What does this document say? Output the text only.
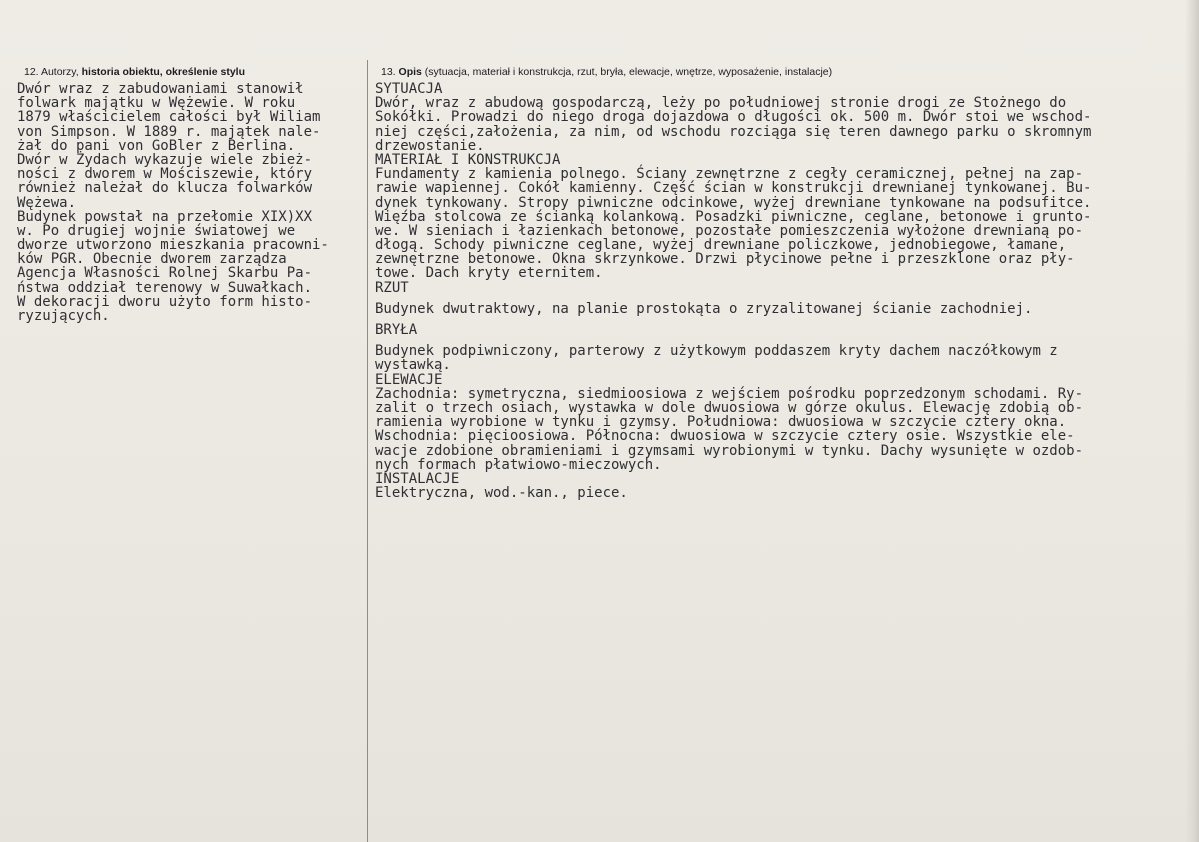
12. Autorzy, historia obiektu, określenie stylu	13. Opis (sytuacja, materiał i konstrukcja, rzut, bryła, elewacje, wnętrze, wyposażenie, instalacje)
Dwór wraz z zabudowaniami stanowił
folwark majątku w Wężewie. W roku
1879 właścicielem całości był Wiliam
von Simpson. W 1889 r. majątek nale-
żał do pani von GoBler z Berlina.
Dwór w Żydach wykazuje wiele zbież-
ności z dworem w Mościszewie, który
również należał do klucza folwarków
Wężewa.
Budynek powstał na przełomie XIX)XX
w. Po drugiej wojnie światowej we
dworze utworzono mieszkania pracowni-
ków PGR. Obecnie dworem zarządza
Agencja Własności Rolnej Skarbu Pa-
ństwa oddział terenowy w Suwałkach.
W dekoracji dworu użyto form histo-
ryzujących.
SYTUACJA
Dwór, wraz z abudową gospodarczą, leży po południowej stronie drogi ze Stożnego do
Sokółki. Prowadzi do niego droga dojazdowa o długości ok. 500 m. Dwór stoi we wschod-
niej części,założenia, za nim, od wschodu rozciąga się teren dawnego parku o skromnym
drzewostanie.
MATERIAŁ I KONSTRUKCJA
Fundamenty z kamienia polnego. Ściany zewnętrzne z cegły ceramicznej, pełnej na zap-
rawie wapiennej. Cokół kamienny. Część ścian w konstrukcji drewnianej tynkowanej. Bu-
dynek tynkowany. Stropy piwniczne odcinkowe, wyżej drewniane tynkowane na podsufitce.
Więźba stolcowa ze ścianką kolankową. Posadzki piwniczne, ceglane, betonowe i grunto-
we. W sieniach i łazienkach betonowe, pozostałe pomieszczenia wyłożone drewnianą po-
dłogą. Schody piwniczne ceglane, wyżej drewniane policzkowe, jednobiegowe, łamane,
zewnętrzne betonowe. Okna skrzynkowe. Drzwi płycinowe pełne i przeszklone oraz pły-
towe. Dach kryty eternitem.
RZUT
Budynek dwutraktowy, na planie prostokąta o zryzalitowanej ścianie zachodniej.
BRYŁA
Budynek podpiwniczony, parterowy z użytkowym poddaszem kryty dachem naczółkowym z
wystawką.
ELEWACJE
Zachodnia: symetryczna, siedmioosiowa z wejściem pośrodku poprzedzonym schodami. Ry-
zalit o trzech osiach, wystawka w dole dwuosiowa w górze okulus. Elewację zdobią ob-
ramienia wyrobione w tynku i gzymsy. Południowa: dwuosiowa w szczycie cztery okna.
Wschodnia: pięcioosiowa. Północna: dwuosiowa w szczycie cztery osie. Wszystkie ele-
wacje zdobione obramieniami i gzymsami wyrobionymi w tynku. Dachy wysunięte w ozdob-
nych formach płatwiowo-mieczowych.
INSTALACJE
Elektryczna, wod.-kan., piece.
